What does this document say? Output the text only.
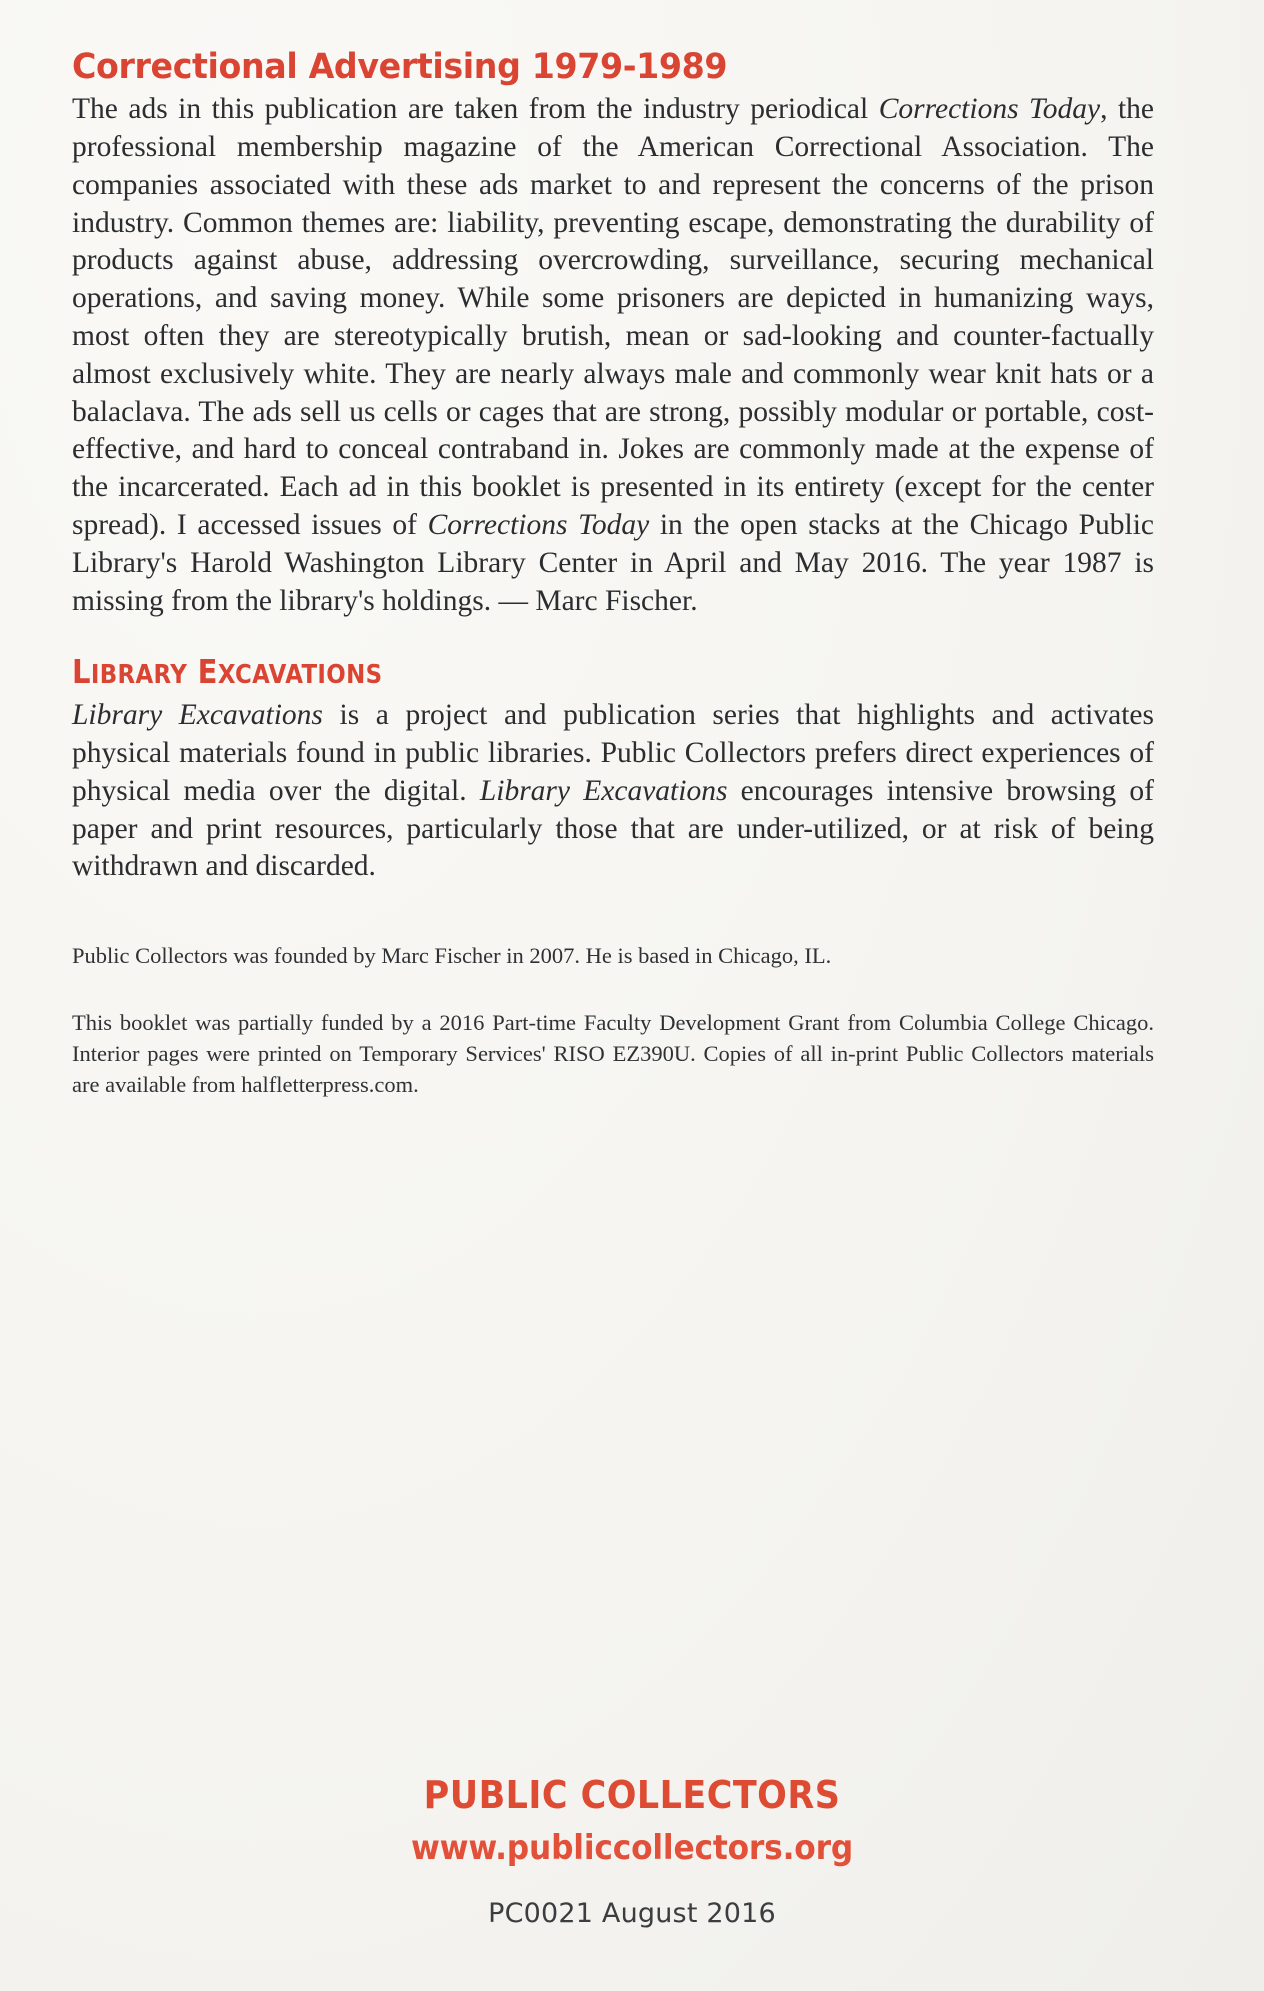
Correctional Advertising 1979-1989

The ads in this publication are taken from the industry periodical Corrections Today, the professional membership magazine of the American Correctional Association. The companies associated with these ads market to and represent the concerns of the prison industry. Common themes are: liability, preventing escape, demonstrating the durability of products against abuse, addressing overcrowding, surveillance, securing mechanical operations, and saving money. While some prisoners are depicted in humanizing ways, most often they are stereotypically brutish, mean or sad-looking and counter-factually almost exclusively white. They are nearly always male and commonly wear knit hats or a balaclava. The ads sell us cells or cages that are strong, possibly modular or portable, cost-effective, and hard to conceal contraband in. Jokes are commonly made at the expense of the incarcerated. Each ad in this booklet is presented in its entirety (except for the center spread). I accessed issues of Corrections Today in the open stacks at the Chicago Public Library's Harold Washington Library Center in April and May 2016. The year 1987 is missing from the library's holdings. — Marc Fischer.

LIBRARY EXCAVATIONS

Library Excavations is a project and publication series that highlights and activates physical materials found in public libraries. Public Collectors prefers direct experiences of physical media over the digital. Library Excavations encourages intensive browsing of paper and print resources, particularly those that are under-utilized, or at risk of being withdrawn and discarded.

Public Collectors was founded by Marc Fischer in 2007. He is based in Chicago, IL.

This booklet was partially funded by a 2016 Part-time Faculty Development Grant from Columbia College Chicago. Interior pages were printed on Temporary Services' RISO EZ390U. Copies of all in-print Public Collectors materials are available from halfletterpress.com.

PUBLIC COLLECTORS
www.publiccollectors.org
PC0021 August 2016
